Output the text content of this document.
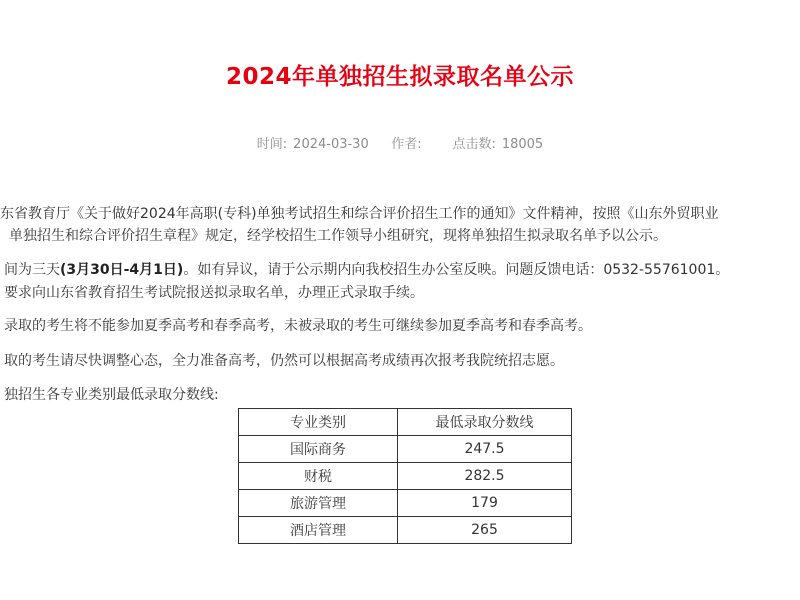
2024年单独招生拟录取名单公示
时间: 2024-03-30 作者: 点击数: 18005
东省教育厅《关于做好2024年高职(专科)单独考试招生和综合评价招生工作的通知》文件精神，按照《山东外贸职业
单独招生和综合评价招生章程》规定，经学校招生工作领导小组研究，现将单独招生拟录取名单予以公示。
间为三天(3月30日-4月1日)。如有异议，请于公示期内向我校招生办公室反映。问题反馈电话：0532-55761001。
要求向山东省教育招生考试院报送拟录取名单，办理正式录取手续。
录取的考生将不能参加夏季高考和春季高考，未被录取的考生可继续参加夏季高考和春季高考。
取的考生请尽快调整心态，全力准备高考，仍然可以根据高考成绩再次报考我院统招志愿。
独招生各专业类别最低录取分数线:
专业类别	最低录取分数线
国际商务	247.5
财税	282.5
旅游管理	179
酒店管理	265
